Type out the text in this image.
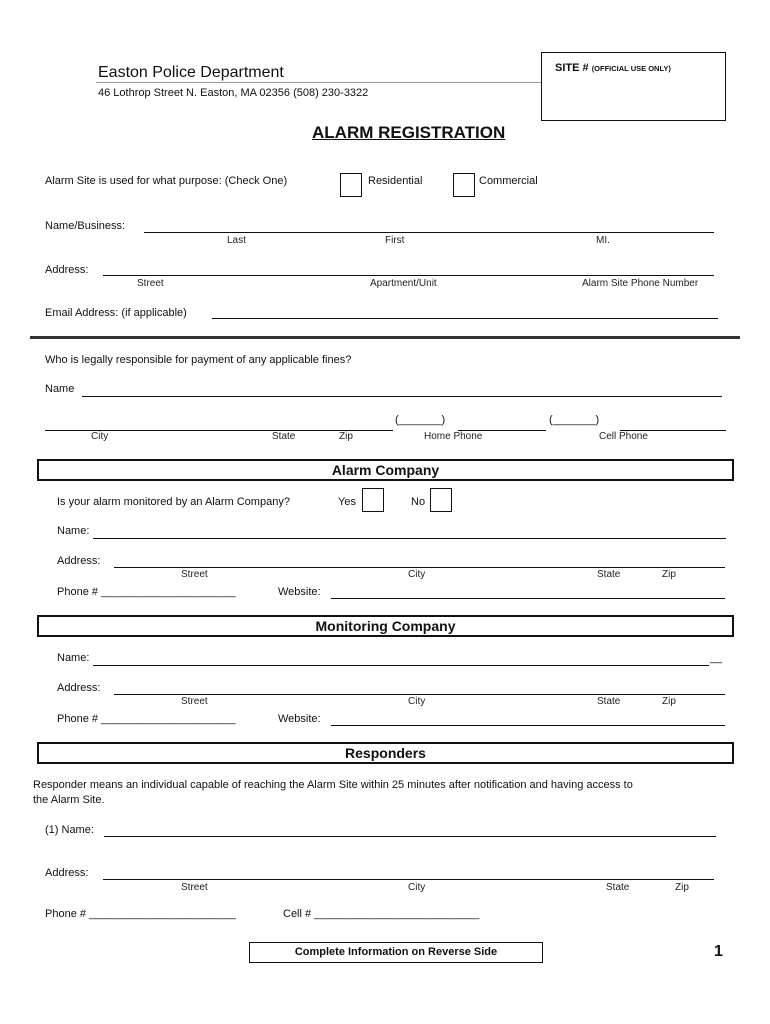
Easton Police Department
46 Lothrop Street N. Easton, MA 02356 (508) 230-3322
SITE # (OFFICIAL USE ONLY)
ALARM REGISTRATION
Alarm Site is used for what purpose: (Check One)	Residential	Commercial
Name/Business:
Last	First	MI.
Address:
Street	Apartment/Unit	Alarm Site Phone Number
Email Address: (if applicable)
Who is legally responsible for payment of any applicable fines?
Name
(_______)	(_______)
City	State	Zip	Home Phone	Cell Phone
Alarm Company
Is your alarm monitored by an Alarm Company?	Yes	No
Name:
Address:
Street	City	State	Zip
Phone # ______________________	Website:
Monitoring Company
Name:	__
Address:
Street	City	State	Zip
Phone # ______________________	Website:
Responders
Responder means an individual capable of reaching the Alarm Site within 25 minutes after notification and having access to
the Alarm Site.
(1) Name:
Address:
Street	City	State	Zip
Phone # ________________________	Cell # ___________________________
Complete Information on Reverse Side	1
